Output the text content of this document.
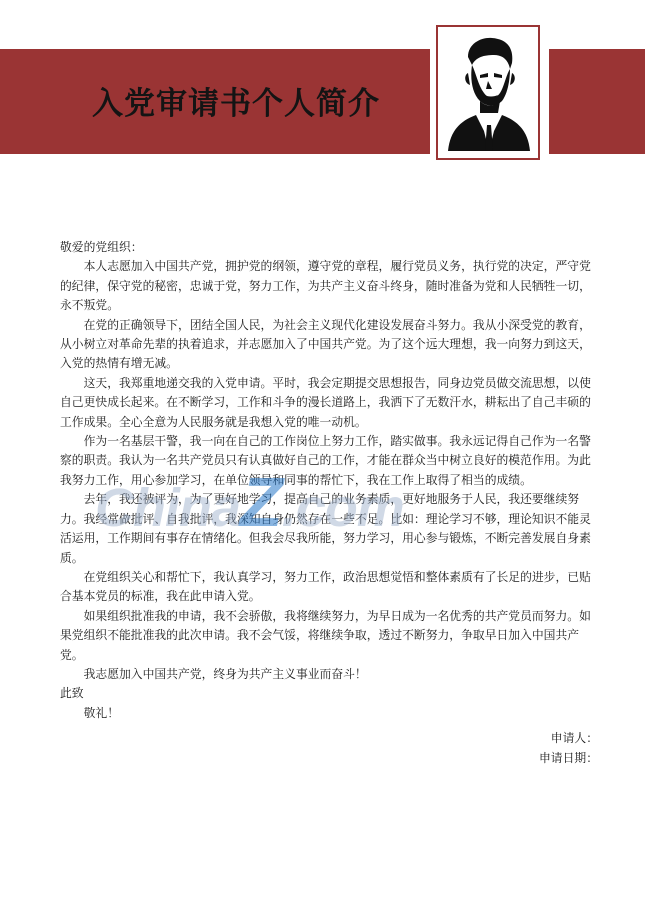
入党审请书个人简介

敬爱的党组织：

本人志愿加入中国共产党，拥护党的纲领，遵守党的章程，履行党员义务，执行党的决定，严守党的纪律，保守党的秘密，忠诚于党，努力工作，为共产主义奋斗终身，随时准备为党和人民牺牲一切，永不叛党。

在党的正确领导下，团结全国人民，为社会主义现代化建设发展奋斗努力。我从小深受党的教育，从小树立对革命先辈的执着追求，并志愿加入了中国共产党。为了这个远大理想，我一向努力到这天，入党的热情有增无减。

这天，我郑重地递交我的入党申请。平时，我会定期提交思想报告，同身边党员做交流思想，以使自己更快成长起来。在不断学习，工作和斗争的漫长道路上，我洒下了无数汗水，耕耘出了自己丰硕的工作成果。全心全意为人民服务就是我想入党的唯一动机。

作为一名基层干警，我一向在自己的工作岗位上努力工作，踏实做事。我永远记得自己作为一名警察的职责。我认为一名共产党员只有认真做好自己的工作，才能在群众当中树立良好的模范作用。为此我努力工作，用心参加学习，在单位领导和同事的帮忙下，我在工作上取得了相当的成绩。

去年，我还被评为，为了更好地学习，提高自己的业务素质，更好地服务于人民，我还要继续努力。我经常做批评、自我批评，我深知自身仍然存在一些不足。比如：理论学习不够，理论知识不能灵活运用，工作期间有事存在情绪化。但我会尽我所能，努力学习，用心参与锻炼，不断完善发展自身素质。

在党组织关心和帮忙下，我认真学习，努力工作，政治思想觉悟和整体素质有了长足的进步，已贴合基本党员的标准，我在此申请入党。

如果组织批准我的申请，我不会骄傲，我将继续努力，为早日成为一名优秀的共产党员而努力。如果党组织不能批准我的此次申请。我不会气馁，将继续争取，透过不断努力，争取早日加入中国共产党。

我志愿加入中国共产党，终身为共产主义事业而奋斗！

此致

敬礼！

申请人：

申请日期：

ChinaZ.com
